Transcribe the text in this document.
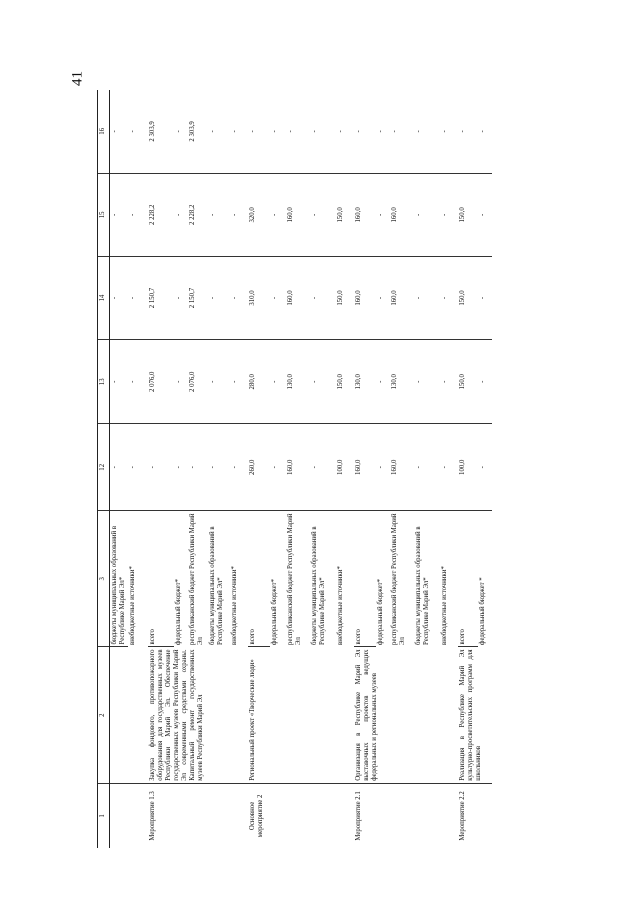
41
1	2	3	12	13	14	15	16
		бюджеты муниципальных образований в Республике Марий Эл*	-	-	-	-	-
		внебюджетные источники*	-	-	-	-	-
Мероприятие 1.3	Закупка фондового, противопожарного оборудования для государственных музеев Республики Марий Эл. Обеспечение государственных музеев Республики Марий Эл современными средствами охраны. Капитальный ремонт государственных музеев Республики Марий Эл	всего	-	2 076,0	2 150,7	2 228,2	2 303,9
		федеральный бюджет*	-	-	-	-	-
		республиканский бюджет Республики Марий Эл	-	2 076,0	2 150,7	2 228,2	2 303,9
		бюджеты муниципальных образований в Республике Марий Эл*	-	-	-	-	-
		внебюджетные источники*	-	-	-	-	-
Основное мероприятие 2	Региональный проект «Творческие люди»	всего	260,0	280,0	310,0	320,0	-
		федеральный бюджет*	-	-	-	-	-
		республиканский бюджет Республики Марий Эл	160,0	130,0	160,0	160,0	-
		бюджеты муниципальных образований в Республике Марий Эл*	-	-	-	-	-
		внебюджетные источники*	100,0	150,0	150,0	150,0	-
Мероприятие 2.1	Организация в Республике Марий Эл выставочных проектов ведущих федеральных и региональных музеев	всего	160,0	130,0	160,0	160,0	-
		федеральный бюджет*	-	-	-	-	-
		республиканский бюджет Республики Марий Эл	160,0	130,0	160,0	160,0	-
		бюджеты муниципальных образований в Республике Марий Эл*	-	-	-	-	-
		внебюджетные источники*	-	-	-	-	-
Мероприятие 2.2	Реализация в Республике Марий Эл культурно-просветительских программ для школьников	всего	100,0	150,0	150,0	150,0	-
		федеральный бюджет *	-	-	-	-	-
